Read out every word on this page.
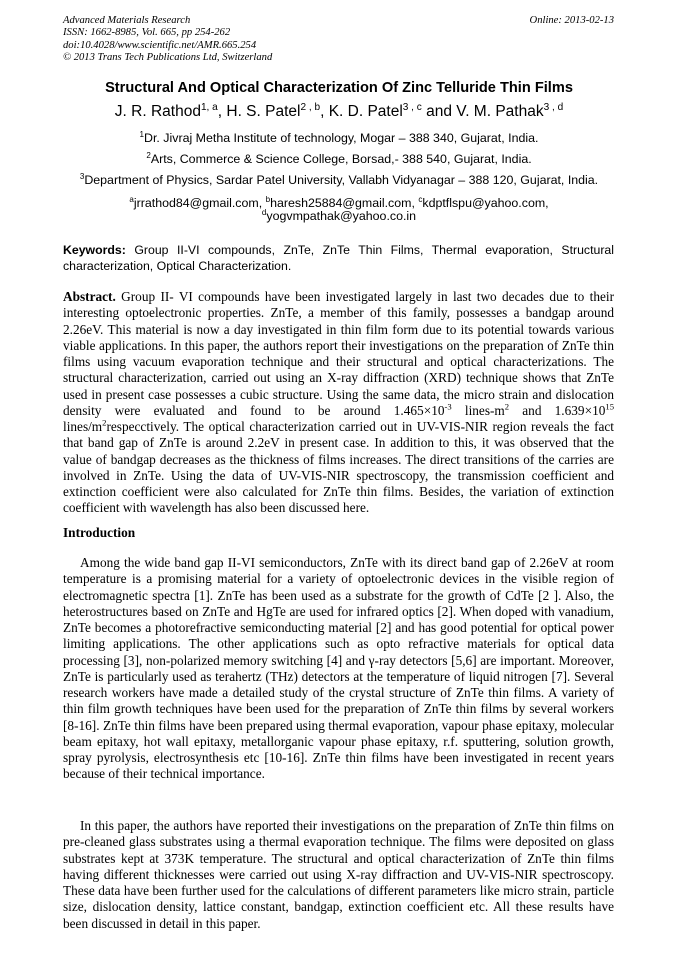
Advanced Materials Research
ISSN: 1662-8985, Vol. 665, pp 254-262
doi:10.4028/www.scientific.net/AMR.665.254
© 2013 Trans Tech Publications Ltd, Switzerland
Online: 2013-02-13
Structural And Optical Characterization Of Zinc Telluride Thin Films
J. R. Rathod$^{1, a}$, H. S. Patel$^{2 , b}$, K. D. Patel$^{3 , c}$ and V. M. Pathak$^{3 , d}$
$^1$Dr. Jivraj Metha Institute of technology, Mogar – 388 340, Gujarat, India.
$^2$Arts, Commerce & Science College, Borsad,- 388 540, Gujarat, India.
$^3$Department of Physics, Sardar Patel University, Vallabh Vidyanagar – 388 120, Gujarat, India.
$^a$jrrathod84@gmail.com, $^b$haresh25884@gmail.com, $^c$kdptflspu@yahoo.com,
$^d$yogvmpathak@yahoo.co.in
Keywords: Group II-VI compounds, ZnTe, ZnTe Thin Films, Thermal evaporation, Structural characterization, Optical Characterization.
Abstract. Group II- VI compounds have been investigated largely in last two decades due to their interesting optoelectronic properties. ZnTe, a member of this family, possesses a bandgap around 2.26eV. This material is now a day investigated in thin film form due to its potential towards various viable applications. In this paper, the authors report their investigations on the preparation of ZnTe thin films using vacuum evaporation technique and their structural and optical characterizations. The structural characterization, carried out using an X-ray diffraction (XRD) technique shows that ZnTe used in present case possesses a cubic structure. Using the same data, the micro strain and dislocation density were evaluated and found to be around $1.465\times 10^{-3}$ lines-$m^2$ and $1.639\times 10^{15}$ lines/$m^2respecctively$. The optical characterization carried out in UV-VIS-NIR region reveals the fact that band gap of ZnTe is around 2.2eV in present case. In addition to this, it was observed that the value of bandgap decreases as the thickness of films increases. The direct transitions of the carries are involved in ZnTe. Using the data of UV-VIS-NIR spectroscopy, the transmission coefficient and extinction coefficient were also calculated for ZnTe thin films. Besides, the variation of extinction coefficient with wavelength has also been discussed here.
Introduction
Among the wide band gap II-VI semiconductors, ZnTe with its direct band gap of 2.26eV at room temperature is a promising material for a variety of optoelectronic devices in the visible region of electromagnetic spectra [1]. ZnTe has been used as a substrate for the growth of CdTe [2 ]. Also, the heterostructures based on ZnTe and HgTe are used for infrared optics [2]. When doped with vanadium, ZnTe becomes a photorefractive semiconducting material [2] and has good potential for optical power limiting applications. The other applications such as opto refractive materials for optical data processing [3], non-polarized memory switching [4] and γ-ray detectors [5,6] are important. Moreover, ZnTe is particularly used as terahertz (THz) detectors at the temperature of liquid nitrogen [7]. Several research workers have made a detailed study of the crystal structure of ZnTe thin films. A variety of thin film growth techniques have been used for the preparation of ZnTe thin films by several workers [8-16]. ZnTe thin films have been prepared using thermal evaporation, vapour phase epitaxy, molecular beam epitaxy, hot wall epitaxy, metallorganic vapour phase epitaxy, r.f. sputtering, solution growth, spray pyrolysis, electrosynthesis etc [10-16]. ZnTe thin films have been investigated in recent years because of their technical importance.
In this paper, the authors have reported their investigations on the preparation of ZnTe thin films on pre-cleaned glass substrates using a thermal evaporation technique. The films were deposited on glass substrates kept at 373K temperature. The structural and optical characterization of ZnTe thin films having different thicknesses were carried out using X-ray diffraction and UV-VIS-NIR spectroscopy. These data have been further used for the calculations of different parameters like micro strain, particle size, dislocation density, lattice constant, bandgap, extinction coefficient etc. All these results have been discussed in detail in this paper.
